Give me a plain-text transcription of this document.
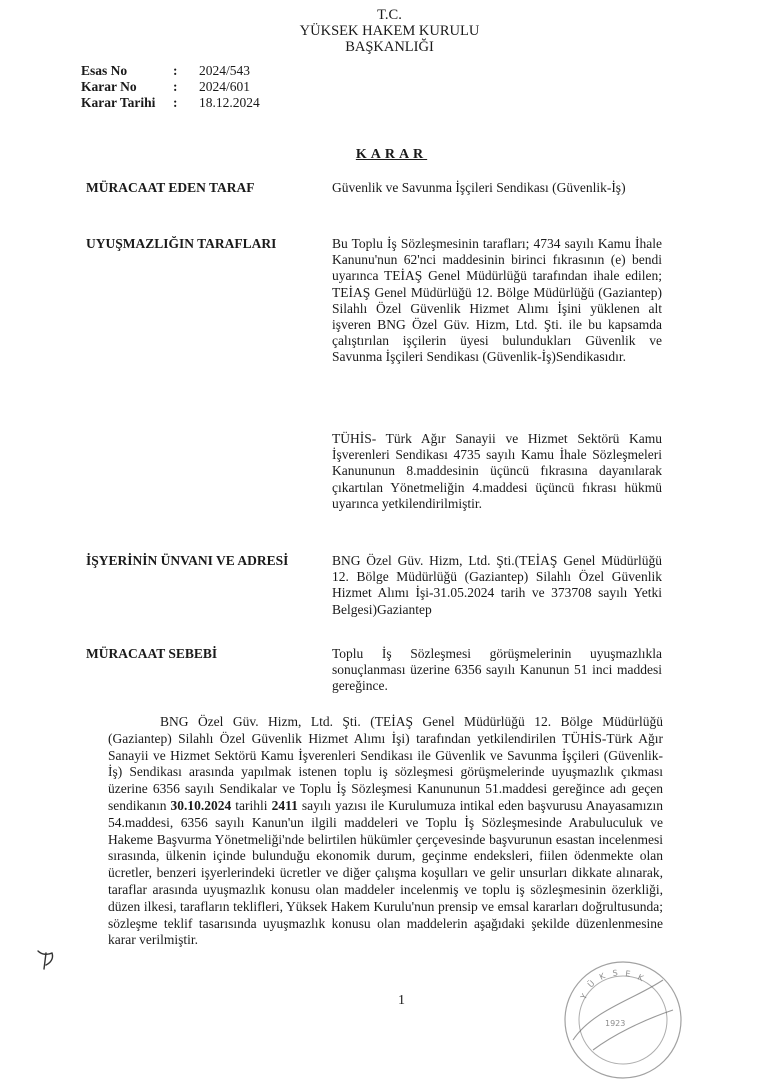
T.C.
YÜKSEK HAKEM KURULU
BAŞKANLIĞI
Esas No	:	2024/543
Karar No	:	2024/601
Karar Tarihi	:	18.12.2024
KARAR
MÜRACAAT EDEN TARAF	Güvenlik ve Savunma İşçileri Sendikası (Güvenlik-İş)
UYUŞMAZLIĞIN TARAFLARI	Bu Toplu İş Sözleşmesinin tarafları; 4734 sayılı Kamu İhale Kanunu'nun 62'nci maddesinin birinci fıkrasının (e) bendi uyarınca TEİAŞ Genel Müdürlüğü tarafından ihale edilen; TEİAŞ Genel Müdürlüğü 12. Bölge Müdürlüğü (Gaziantep) Silahlı Özel Güvenlik Hizmet Alımı İşini yüklenen alt işveren BNG Özel Güv. Hizm, Ltd. Şti. ile bu kapsamda çalıştırılan işçilerin üyesi bulundukları Güvenlik ve Savunma İşçileri Sendikası (Güvenlik-İş)Sendikasıdır.
TÜHİS- Türk Ağır Sanayii ve Hizmet Sektörü Kamu İşverenleri Sendikası 4735 sayılı Kamu İhale Sözleşmeleri Kanununun 8.maddesinin üçüncü fıkrasına dayanılarak çıkartılan Yönetmeliğin 4.maddesi üçüncü fıkrası hükmü uyarınca yetkilendirilmiştir.
İŞYERİNİN ÜNVANI VE ADRESİ	BNG Özel Güv. Hizm, Ltd. Şti.(TEİAŞ Genel Müdürlüğü 12. Bölge Müdürlüğü (Gaziantep) Silahlı Özel Güvenlik Hizmet Alımı İşi-31.05.2024 tarih ve 373708 sayılı Yetki Belgesi)Gaziantep
MÜRACAAT SEBEBİ	Toplu İş Sözleşmesi görüşmelerinin uyuşmazlıkla sonuçlanması üzerine 6356 sayılı Kanunun 51 inci maddesi gereğince.
BNG Özel Güv. Hizm, Ltd. Şti. (TEİAŞ Genel Müdürlüğü 12. Bölge Müdürlüğü (Gaziantep) Silahlı Özel Güvenlik Hizmet Alımı İşi) tarafından yetkilendirilen TÜHİS-Türk Ağır Sanayii ve Hizmet Sektörü Kamu İşverenleri Sendikası ile Güvenlik ve Savunma İşçileri (Güvenlik-İş) Sendikası arasında yapılmak istenen toplu iş sözleşmesi görüşmelerinde uyuşmazlık çıkması üzerine 6356 sayılı Sendikalar ve Toplu İş Sözleşmesi Kanununun 51.maddesi gereğince adı geçen sendikanın 30.10.2024 tarihli 2411 sayılı yazısı ile Kurulumuza intikal eden başvurusu Anayasamızın 54.maddesi, 6356 sayılı Kanun'un ilgili maddeleri ve Toplu İş Sözleşmesinde Arabuluculuk ve Hakeme Başvurma Yönetmeliği'nde belirtilen hükümler çerçevesinde başvurunun esastan incelenmesi sırasında, ülkenin içinde bulunduğu ekonomik durum, geçinme endeksleri, fiilen ödenmekte olan ücretler, benzeri işyerlerindeki ücretler ve diğer çalışma koşulları ve gelir unsurları dikkate alınarak, taraflar arasında uyuşmazlık konusu olan maddeler incelenmiş ve toplu iş sözleşmesinin özerkliği, düzen ilkesi, tarafların teklifleri, Yüksek Hakem Kurulu'nun prensip ve emsal kararları doğrultusunda; sözleşme teklif tasarısında uyuşmazlık konusu olan maddelerin aşağıdaki şekilde düzenlenmesine karar verilmiştir.
1	Y
Ü
K S E K
1923
